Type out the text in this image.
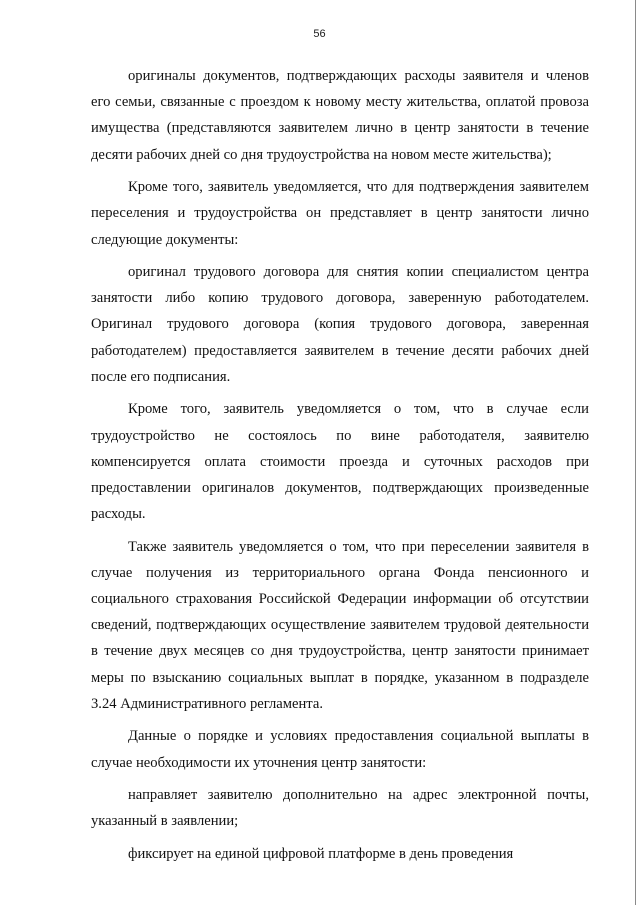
56

оригиналы документов, подтверждающих расходы заявителя и членов его семьи, связанные с проездом к новому месту жительства, оплатой провоза имущества (представляются заявителем лично в центр занятости в течение десяти рабочих дней со дня трудоустройства на новом месте жительства);

Кроме того, заявитель уведомляется, что для подтверждения заявителем переселения и трудоустройства он представляет в центр занятости лично следующие документы:

оригинал трудового договора для снятия копии специалистом центра занятости либо копию трудового договора, заверенную работодателем. Оригинал трудового договора (копия трудового договора, заверенная работодателем) предоставляется заявителем в течение десяти рабочих дней после его подписания.

Кроме того, заявитель уведомляется о том, что в случае если трудоустройство не состоялось по вине работодателя, заявителю компенсируется оплата стоимости проезда и суточных расходов при предоставлении оригиналов документов, подтверждающих произведенные расходы.

Также заявитель уведомляется о том, что при переселении заявителя в случае получения из территориального органа Фонда пенсионного и социального страхования Российской Федерации информации об отсутствии сведений, подтверждающих осуществление заявителем трудовой деятельности в течение двух месяцев со дня трудоустройства, центр занятости принимает меры по взысканию социальных выплат в порядке, указанном в подразделе 3.24 Административного регламента.

Данные о порядке и условиях предоставления социальной выплаты в случае необходимости их уточнения центр занятости:

направляет заявителю дополнительно на адрес электронной почты, указанный в заявлении;

фиксирует на единой цифровой платформе в день проведения
